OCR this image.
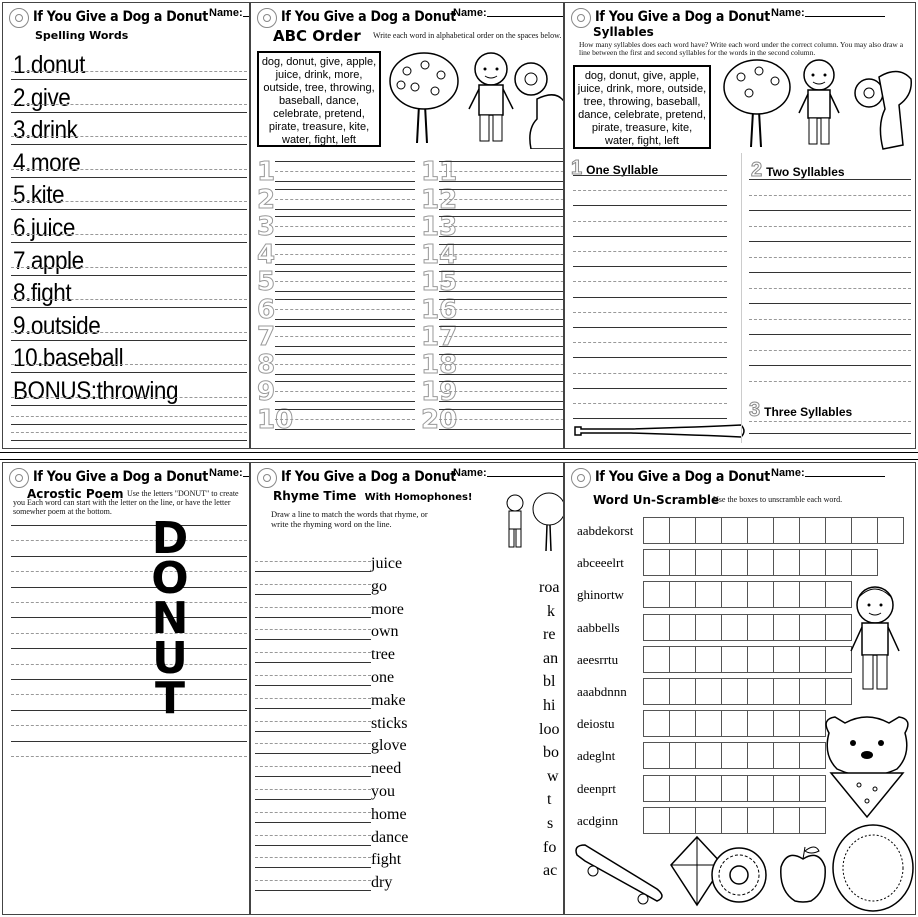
If You Give a Dog a Donut Name:
Spelling Words
1.donut
2.give
3.drink
4.more
5.kite
6.juice
7.apple
8.fight
9.outside
10.baseball
BONUS:throwing
If You Give a Dog a Donut
Name:
ABC Order Write each word in alphabetical order on the spaces below.
dog, donut, give, apple, juice, drink, more, outside, tree, throwing, baseball, dance, celebrate, pretend, pirate, treasure, kite, water, fight, left
1
2
3
4
5
6
7
8
9
10
11
12
13
14
15
16
17
18
19
20
If You Give a Dog a Donut Name:
Syllables
How many syllables does each word have? Write each word under the correct column. You may also draw a line between the first and second syllables for the words in the second column.
dog, donut, give, apple, juice, drink, more, outside, tree, throwing, baseball, dance, celebrate, pretend, pirate, treasure, kite, water, fight, left
1 One Syllable	2 Two Syllables
3 Three Syllables
If You Give a Dog a Donut Name:
Acrostic Poem Use the letters "DONUT" to create you Each word can start with the letter on the line, or have the letter somewher poem at the bottom.
D
O
N
U
T
If You Give a Dog a Donut
Name:
Rhyme Time With Homophones!
Draw a line to match the words that rhyme, or write the rhyming word on the line.
juice
go
more
own
tree
one
make
sticks
glove
need
you
home
dance
fight
dry
roa
k
re
an
bl
hi
loo
bo
w
t
s
fo
ac
If You Give a Dog a Donut Name:
Word Un-Scramble
Use the boxes to unscramble each word.
aabdekorst
abceeelrt
ghinortw
aabbells
aeesrrtu
aaabdnnn
deiostu
adeglnt
deenprt
acdginn
